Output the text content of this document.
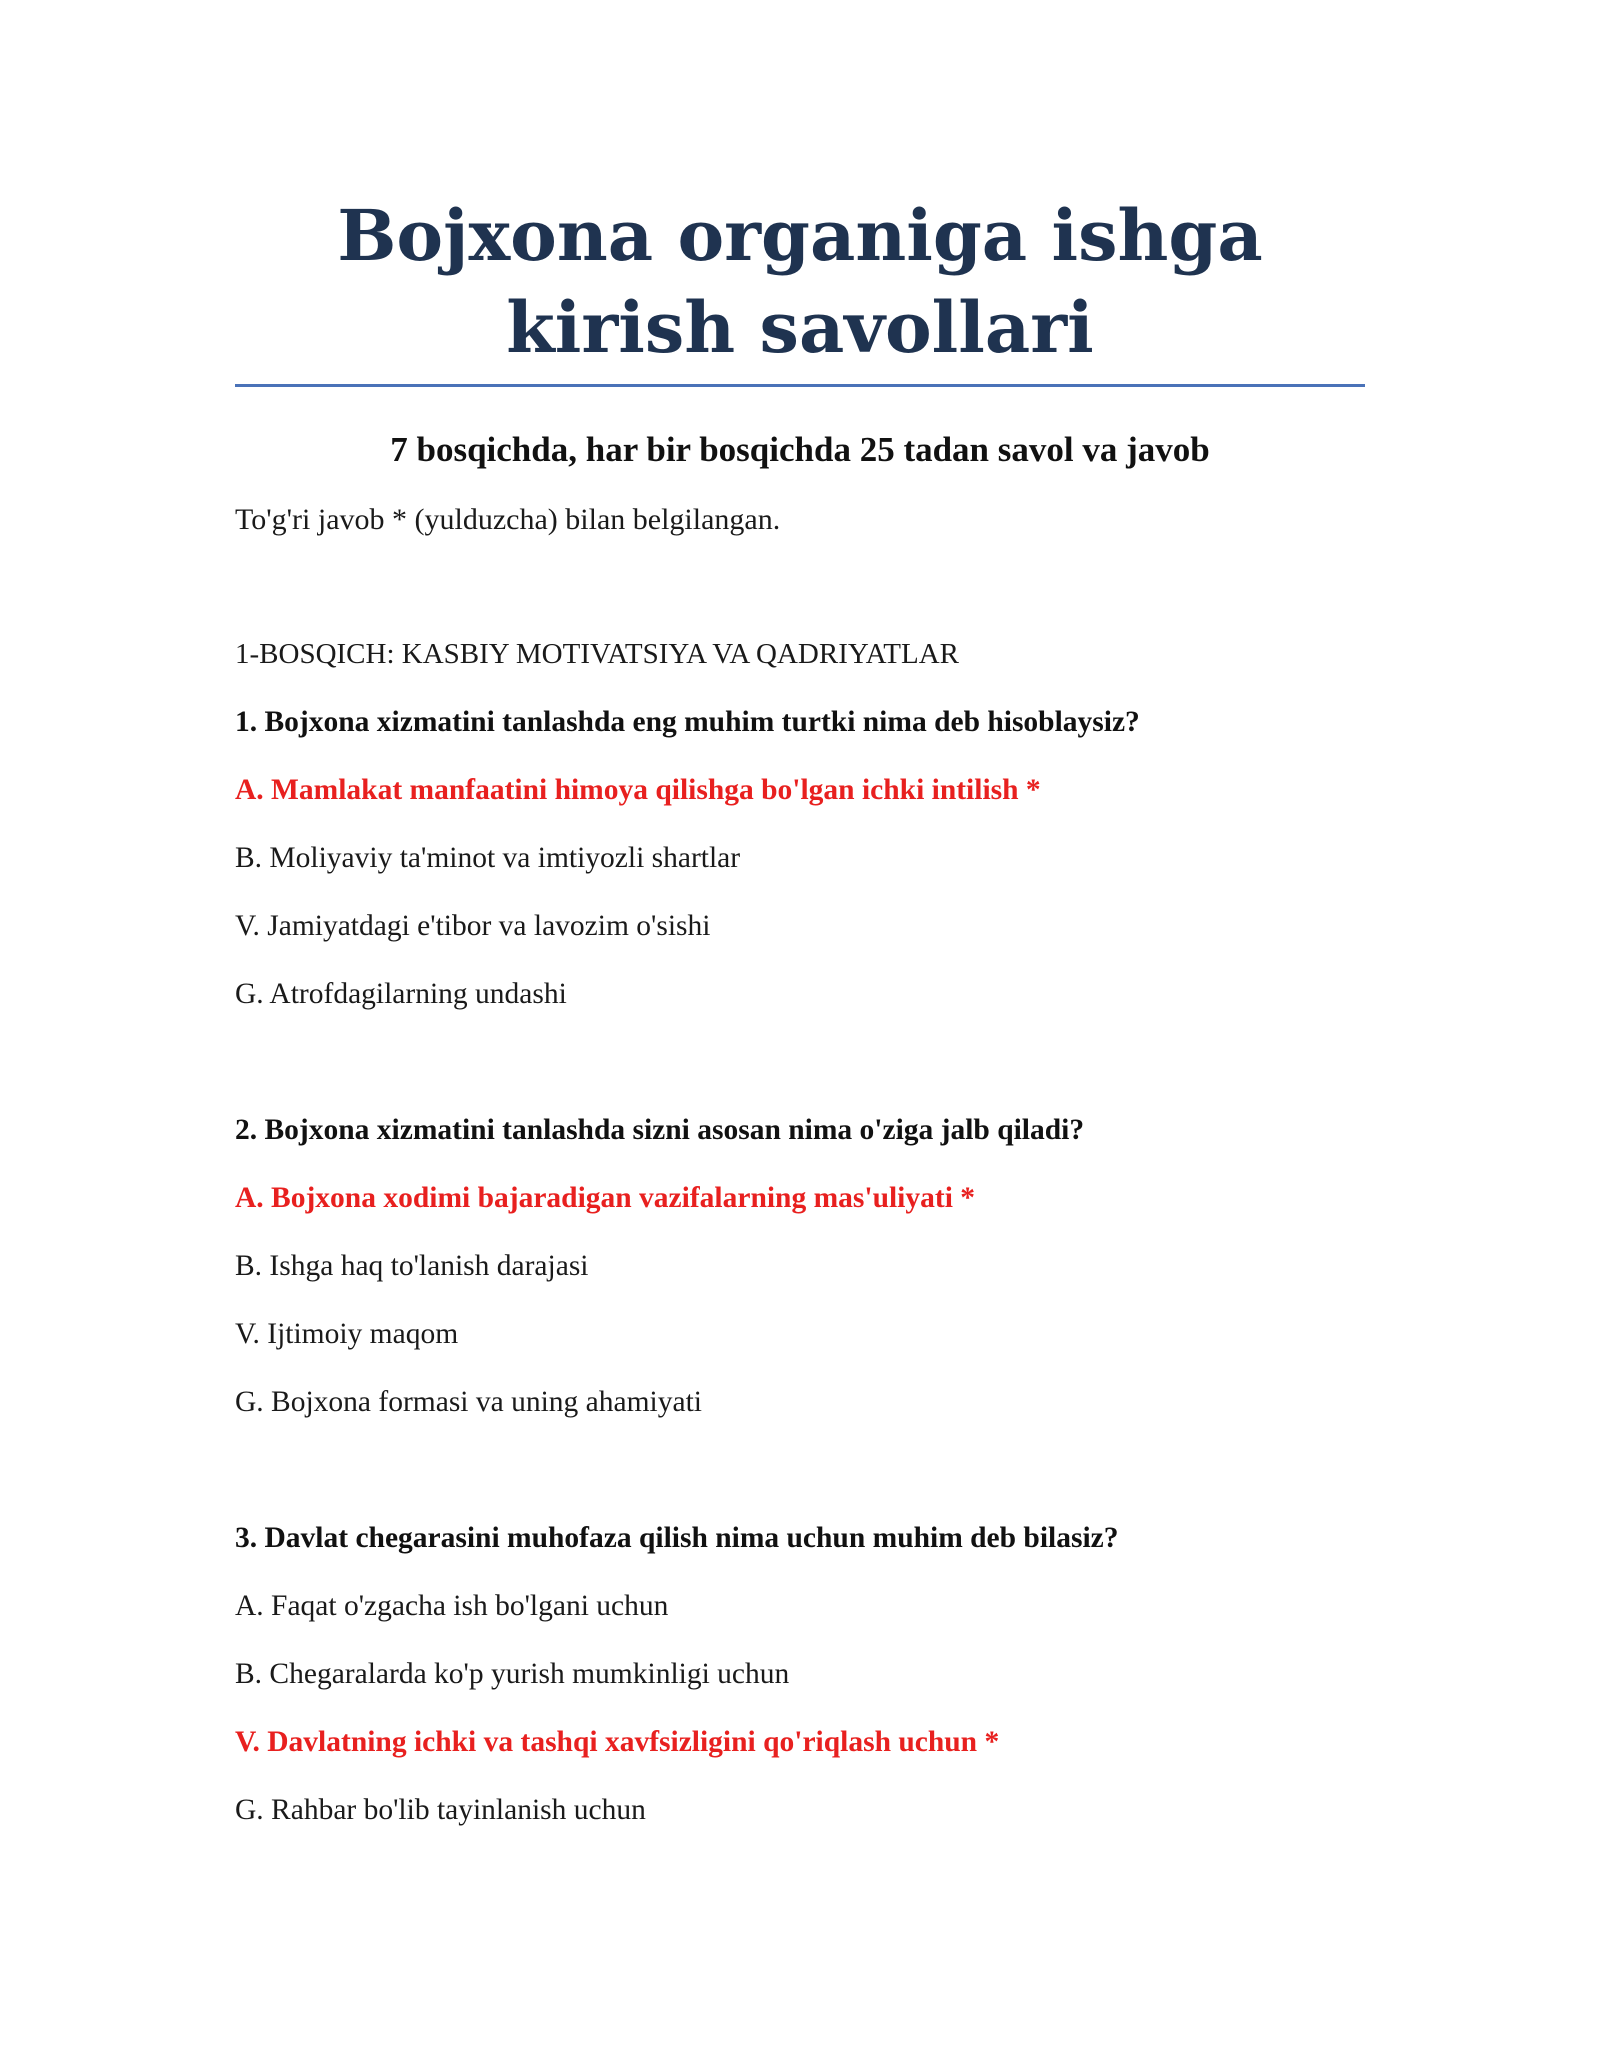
Bojxona organiga ishga kirish savollari
7 bosqichda, har bir bosqichda 25 tadan savol va javob
To'g'ri javob * (yulduzcha) bilan belgilangan.
1-BOSQICH: KASBIY MOTIVATSIYA VA QADRIYATLAR
1. Bojxona xizmatini tanlashda eng muhim turtki nima deb hisoblaysiz?
A. Mamlakat manfaatini himoya qilishga bo'lgan ichki intilish *
B. Moliyaviy ta'minot va imtiyozli shartlar
V. Jamiyatdagi e'tibor va lavozim o'sishi
G. Atrofdagilarning undashi
2. Bojxona xizmatini tanlashda sizni asosan nima o'ziga jalb qiladi?
A. Bojxona xodimi bajaradigan vazifalarning mas'uliyati *
B. Ishga haq to'lanish darajasi
V. Ijtimoiy maqom
G. Bojxona formasi va uning ahamiyati
3. Davlat chegarasini muhofaza qilish nima uchun muhim deb bilasiz?
A. Faqat o'zgacha ish bo'lgani uchun
B. Chegaralarda ko'p yurish mumkinligi uchun
V. Davlatning ichki va tashqi xavfsizligini qo'riqlash uchun *
G. Rahbar bo'lib tayinlanish uchun
